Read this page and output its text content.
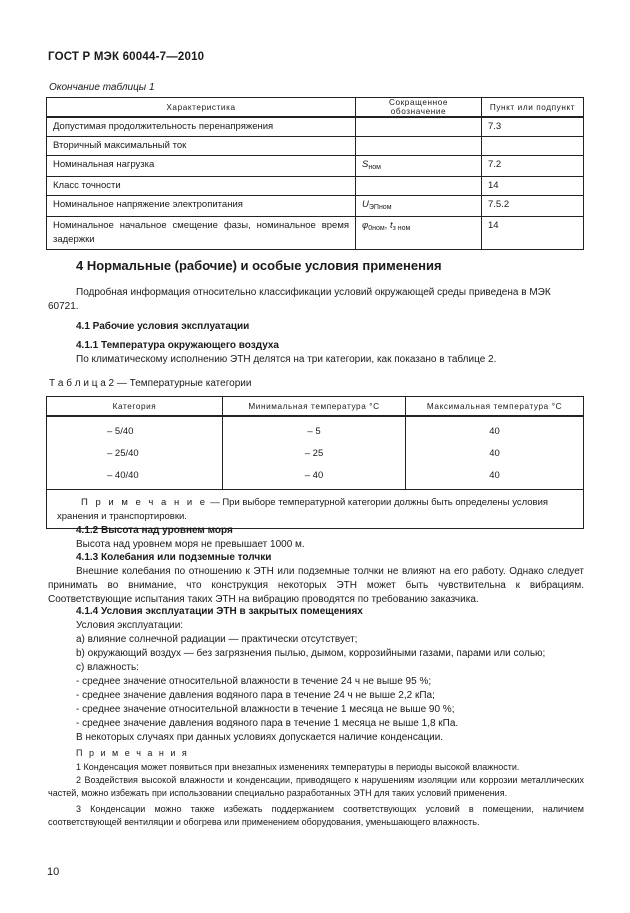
ГОСТ Р МЭК 60044-7—2010
Окончание таблицы 1
Характеристика	Сокращенное обозначение	Пункт или подпункт
Допустимая продолжительность перенапряжения		7.3
Вторичный максимальный ток		
Номинальная нагрузка	$S_{ном}$	7.2
Класс точности		14
Номинальное напряжение электропитания	$U_{ЭПном}$	7.5.2
Номинальное начальное смещение фазы, номинальное время задержки	$\varphi_{0ном}$, $t_{з ном}$	14
4 Нормальные (рабочие) и особые условия применения
Подробная информация относительно классификации условий окружающей среды приведена в МЭК 60721.
4.1 Рабочие условия эксплуатации
4.1.1 Температура окружающего воздуха
По климатическому исполнению ЭТН делятся на три категории, как показано в таблице 2.
Т а б л и ц а 2 — Температурные категории
Категория	Минимальная температура °С	Максимальная температура °С
– 5/40	– 5	40
– 25/40	– 25	40
– 40/40	– 40	40
П р и м е ч а н и е — При выборе температурной категории должны быть определены условия хранения и транспортировки.		
4.1.2 Высота над уровнем моря
Высота над уровнем моря не превышает 1000 м.
4.1.3 Колебания или подземные толчки
Внешние колебания по отношению к ЭТН или подземные толчки не влияют на его работу. Однако следует принимать во внимание, что конструкция некоторых ЭТН может быть чувствительна к вибрациям. Соответствующие испытания таких ЭТН на вибрацию проводятся по требованию заказчика.
4.1.4 Условия эксплуатации ЭТН в закрытых помещениях
Условия эксплуатации:
а) влияние солнечной радиации — практически отсутствует;
b) окружающий воздух — без загрязнения пылью, дымом, коррозийными газами, парами или солью;
c) влажность:
- среднее значение относительной влажности в течение 24 ч не выше 95 %;
- среднее значение давления водяного пара в течение 24 ч не выше 2,2 кПа;
- среднее значение относительной влажности в течение 1 месяца не выше 90 %;
- среднее значение давления водяного пара в течение 1 месяца не выше 1,8 кПа.
В некоторых случаях при данных условиях допускается наличие конденсации.
П р и м е ч а н и я
1 Конденсация может появиться при внезапных изменениях температуры в периоды высокой влажности.
2 Воздействия высокой влажности и конденсации, приводящего к нарушениям изоляции или коррозии металлических частей, можно избежать при использовании специально разработанных ЭТН для таких условий применения.
3 Конденсации можно также избежать поддержанием соответствующих условий в помещении, наличием соответствующей вентиляции и обогрева или применением оборудования, уменьшающего влажность.
10
